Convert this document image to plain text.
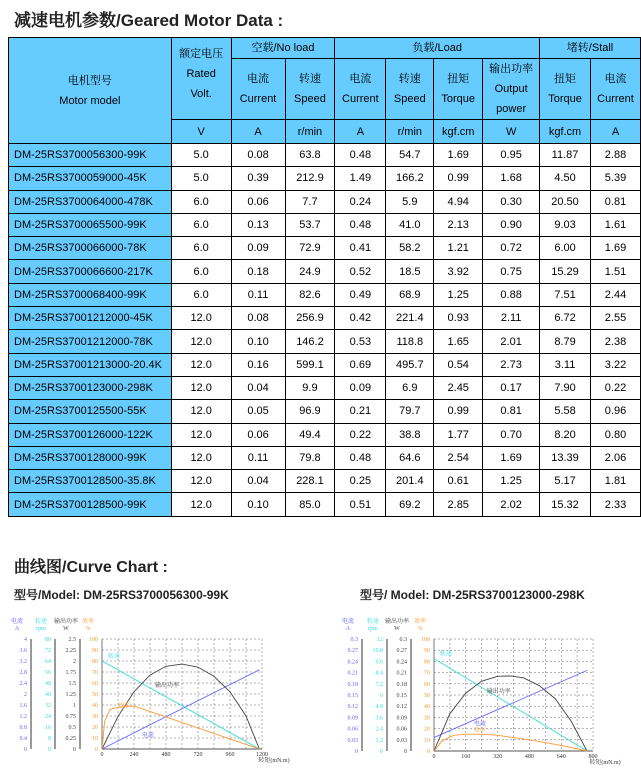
减速电机参数/Geared Motor Data :
电机型号
Motor model	额定电压
Rated
Volt.	空载/No load		负载/Load				堵转/Stall	
		电流
Current	转速
Speed	电流
Current	转速
Speed	扭矩
Torque	输出功率
Output
power	扭矩
Torque	电流
Current
	V	A	r/min	A	r/min	kgf.cm	W	kgf.cm	A
DM-25RS3700056300-99K	5.0	0.08	63.8	0.48	54.7	1.69	0.95	11.87	2.88
DM-25RS3700059000-45K	5.0	0.39	212.9	1.49	166.2	0.99	1.68	4.50	5.39
DM-25RS3700064000-478K	6.0	0.06	7.7	0.24	5.9	4.94	0.30	20.50	0.81
DM-25RS3700065500-99K	6.0	0.13	53.7	0.48	41.0	2.13	0.90	9.03	1.61
DM-25RS3700066000-78K	6.0	0.09	72.9	0.41	58.2	1.21	0.72	6.00	1.69
DM-25RS3700066600-217K	6.0	0.18	24.9	0.52	18.5	3.92	0.75	15.29	1.51
DM-25RS3700068400-99K	6.0	0.11	82.6	0.49	68.9	1.25	0.88	7.51	2.44
DM-25RS37001212000-45K	12.0	0.08	256.9	0.42	221.4	0.93	2.11	6.72	2.55
DM-25RS37001212000-78K	12.0	0.10	146.2	0.53	118.8	1.65	2.01	8.79	2.38
DM-25RS37001213000-20.4K	12.0	0.16	599.1	0.69	495.7	0.54	2.73	3.11	3.22
DM-25RS3700123000-298K	12.0	0.04	9.9	0.09	6.9	2.45	0.17	7.90	0.22
DM-25RS3700125500-55K	12.0	0.05	96.9	0.21	79.7	0.99	0.81	5.58	0.96
DM-25RS3700126000-122K	12.0	0.06	49.4	0.22	38.8	1.77	0.70	8.20	0.80
DM-25RS3700128000-99K	12.0	0.11	79.8	0.48	64.6	2.54	1.69	13.39	2.06
DM-25RS3700128500-35.8K	12.0	0.04	228.1	0.25	201.4	0.61	1.25	5.17	1.81
DM-25RS3700128500-99K	12.0	0.10	85.0	0.51	69.2	2.85	2.02	15.32	2.33
曲线图/Curve Chart :
型号/Model: DM-25RS3700056300-99K	型号/ Model: DM-25RS3700123000-298K
电流
A
0
0.4
0.8
1.2
1.6
2
2.4
2.8
3.2
3.6
4
转速
rpm
0
8
16
24
32
40
48
56
64
72
80
输出功率
W
0
0.25
0.5
0.75
1
1.25
1.5
1.75
2
2.25
2.5
效率
%
0
10
20
30
40
50
60
70
80
90
100
0	240	480	720	960	1200
转矩(mN.m)
转速
电流
输出功率
效率
电流
A
0
0.03
0.06
0.09
0.12
0.15
0.18
0.21
0.24
0.27
0.3
转速
rpm
0
1.2
2.4
3.6
4.8
6
7.2
8.4
9.6
10.8
12
输出功率
W
0
0.03
0.06
0.09
0.12
0.15
0.18
0.21
0.24
0.27
0.3
效率
%
0
10
20
30
40
50
60
70
80
90
100
0	160	320	480	640	800
转矩(mN.m)
转速
电流
输出功率
效率
